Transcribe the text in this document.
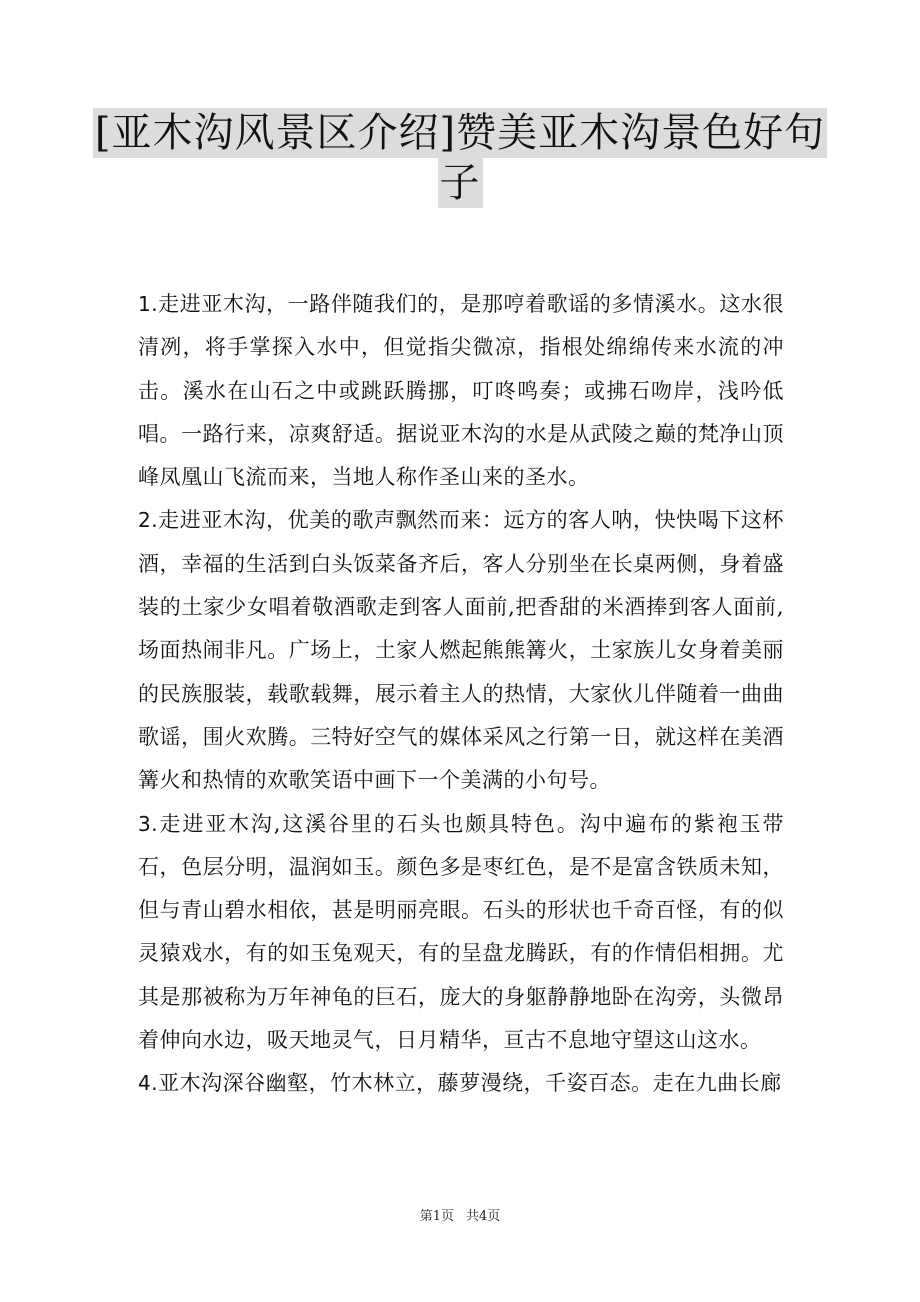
[亚木沟风景区介绍]赞美亚木沟景色好句
子

1.走进亚木沟，一路伴随我们的，是那哼着歌谣的多情溪水。这水很清冽，将手掌探入水中，但觉指尖微凉，指根处绵绵传来水流的冲击。溪水在山石之中或跳跃腾挪，叮咚鸣奏；或拂石吻岸，浅吟低唱。一路行来，凉爽舒适。据说亚木沟的水是从武陵之巅的梵净山顶峰凤凰山飞流而来，当地人称作圣山来的圣水。

2.走进亚木沟，优美的歌声飘然而来：远方的客人呐，快快喝下这杯酒，幸福的生活到白头饭菜备齐后，客人分别坐在长桌两侧，身着盛装的土家少女唱着敬酒歌走到客人面前,把香甜的米酒捧到客人面前,场面热闹非凡。广场上，土家人燃起熊熊篝火，土家族儿女身着美丽的民族服装，载歌载舞，展示着主人的热情，大家伙儿伴随着一曲曲歌谣，围火欢腾。三特好空气的媒体采风之行第一日，就这样在美酒篝火和热情的欢歌笑语中画下一个美满的小句号。

3.走进亚木沟,这溪谷里的石头也颇具特色。沟中遍布的紫袍玉带石，色层分明，温润如玉。颜色多是枣红色，是不是富含铁质未知，但与青山碧水相依，甚是明丽亮眼。石头的形状也千奇百怪，有的似灵猿戏水，有的如玉兔观天，有的呈盘龙腾跃，有的作情侣相拥。尤其是那被称为万年神龟的巨石，庞大的身躯静静地卧在沟旁，头微昂着伸向水边，吸天地灵气，日月精华，亘古不息地守望这山这水。

4.亚木沟深谷幽壑，竹木林立，藤萝漫绕，千姿百态。走在九曲长廊

第1页 共4页
